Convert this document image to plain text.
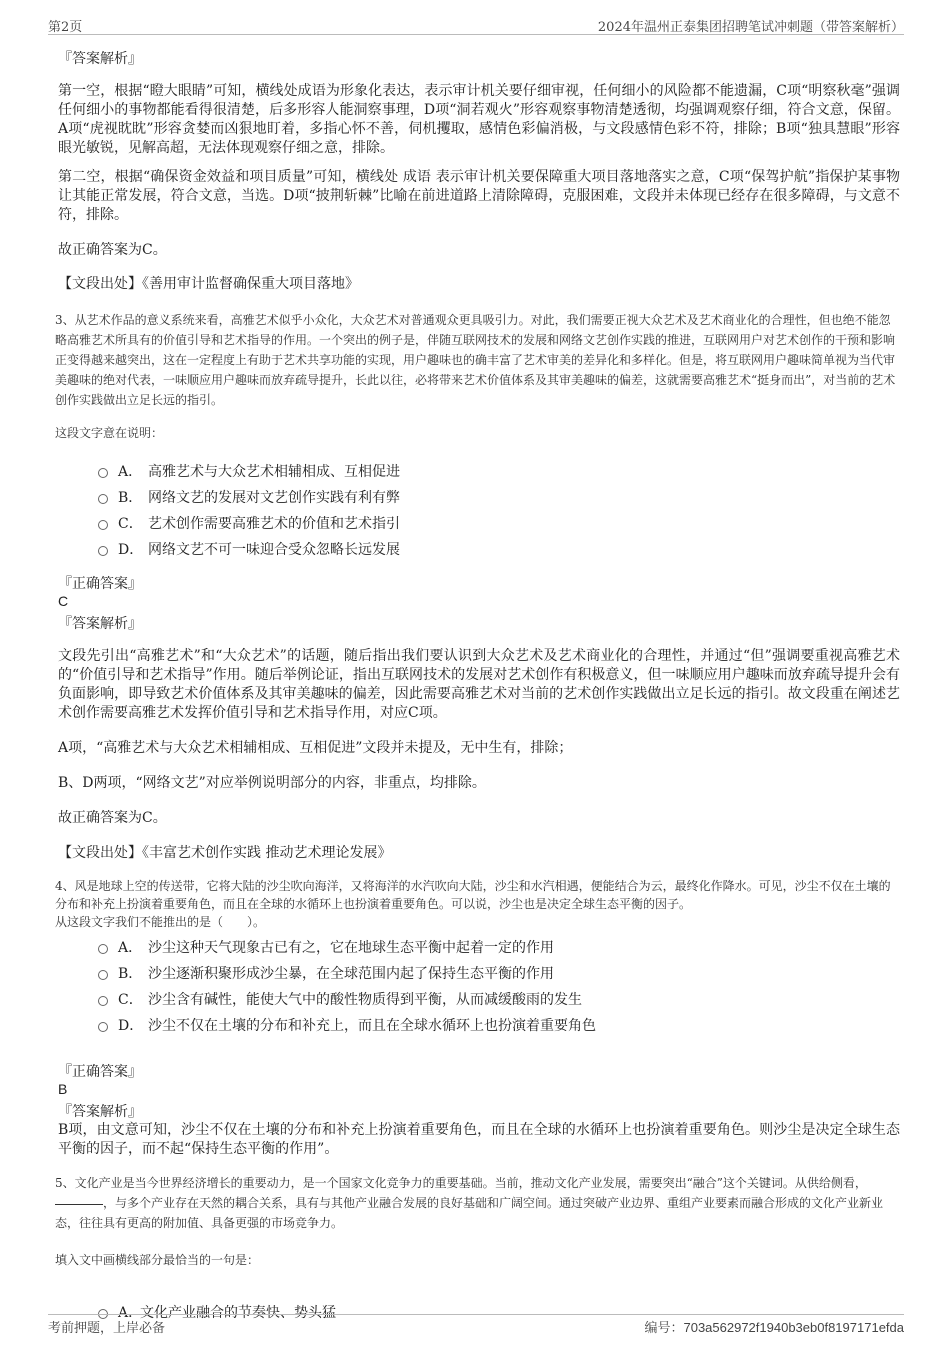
第2页	2024年温州正泰集团招聘笔试冲刺题（带答案解析）
『答案解析』
第一空，根据“瞪大眼睛”可知，横线处成语为形象化表达，表示审计机关要仔细审视，任何细小的风险都不能遗漏，C项“明察秋毫”强调任何细小的事物都能看得很清楚，后多形容人能洞察事理，D项“洞若观火”形容观察事物清楚透彻，均强调观察仔细，符合文意，保留。A项“虎视眈眈”形容贪婪而凶狠地盯着，多指心怀不善，伺机攫取，感情色彩偏消极，与文段感情色彩不符，排除；B项“独具慧眼”形容眼光敏锐，见解高超，无法体现观察仔细之意，排除。
第二空，根据“确保资金效益和项目质量”可知，横线处 成语 表示审计机关要保障重大项目落地落实之意，C项“保驾护航”指保护某事物让其能正常发展，符合文意，当选。D项“披荆斩棘”比喻在前进道路上清除障碍，克服困难，文段并未体现已经存在很多障碍，与文意不符，排除。
故正确答案为C。
【文段出处】《善用审计监督确保重大项目落地》

3、从艺术作品的意义系统来看，高雅艺术似乎小众化，大众艺术对普通观众更具吸引力。对此，我们需要正视大众艺术及艺术商业化的合理性，但也绝不能忽略高雅艺术所具有的价值引导和艺术指导的作用。一个突出的例子是，伴随互联网技术的发展和网络文艺创作实践的推进，互联网用户对艺术创作的干预和影响正变得越来越突出，这在一定程度上有助于艺术共享功能的实现，用户趣味也的确丰富了艺术审美的差异化和多样化。但是，将互联网用户趣味简单视为当代审美趣味的绝对代表，一味顺应用户趣味而放弃疏导提升，长此以往，必将带来艺术价值体系及其审美趣味的偏差，这就需要高雅艺术“挺身而出”，对当前的艺术创作实践做出立足长远的指引。

这段文字意在说明：

A． 高雅艺术与大众艺术相辅相成、互相促进
B． 网络文艺的发展对文艺创作实践有利有弊
C． 艺术创作需要高雅艺术的价值和艺术指引
D． 网络文艺不可一味迎合受众忽略长远发展
『正确答案』
C
『答案解析』
文段先引出“高雅艺术”和“大众艺术”的话题，随后指出我们要认识到大众艺术及艺术商业化的合理性，并通过“但”强调要重视高雅艺术的“价值引导和艺术指导”作用。随后举例论证，指出互联网技术的发展对艺术创作有积极意义，但一味顺应用户趣味而放弃疏导提升会有负面影响，即导致艺术价值体系及其审美趣味的偏差，因此需要高雅艺术对当前的艺术创作实践做出立足长远的指引。故文段重在阐述艺术创作需要高雅艺术发挥价值引导和艺术指导作用，对应C项。
A项，“高雅艺术与大众艺术相辅相成、互相促进”文段并未提及，无中生有，排除；
B、D两项，“网络文艺”对应举例说明部分的内容，非重点，均排除。
故正确答案为C。
【文段出处】《丰富艺术创作实践 推动艺术理论发展》

4、风是地球上空的传送带，它将大陆的沙尘吹向海洋，又将海洋的水汽吹向大陆，沙尘和水汽相遇，便能结合为云，最终化作降水。可见，沙尘不仅在土壤的分布和补充上扮演着重要角色，而且在全球的水循环上也扮演着重要角色。可以说，沙尘也是决定全球生态平衡的因子。

从这段文字我们不能推出的是（　　）。

A． 沙尘这种天气现象古已有之，它在地球生态平衡中起着一定的作用
B． 沙尘逐渐积聚形成沙尘暴，在全球范围内起了保持生态平衡的作用
C． 沙尘含有碱性，能使大气中的酸性物质得到平衡，从而减缓酸雨的发生
D． 沙尘不仅在土壤的分布和补充上，而且在全球水循环上也扮演着重要角色
『正确答案』
B
『答案解析』
B项，由文意可知，沙尘不仅在土壤的分布和补充上扮演着重要角色，而且在全球的水循环上也扮演着重要角色。则沙尘是决定全球生态平衡的因子，而不起“保持生态平衡的作用”。

5、文化产业是当今世界经济增长的重要动力，是一个国家文化竞争力的重要基础。当前，推动文化产业发展，需要突出“融合”这个关键词。从供给侧看，，与多个产业存在天然的耦合关系，具有与其他产业融合发展的良好基础和广阔空间。通过突破产业边界、重组产业要素而融合形成的文化产业新业态，往往具有更高的附加值、具备更强的市场竞争力。

填入文中画横线部分最恰当的一句是：

A．文化产业融合的节奏快、势头猛
考前押题，上岸必备	编号：703a562972f1940b3eb0f8197171efda
